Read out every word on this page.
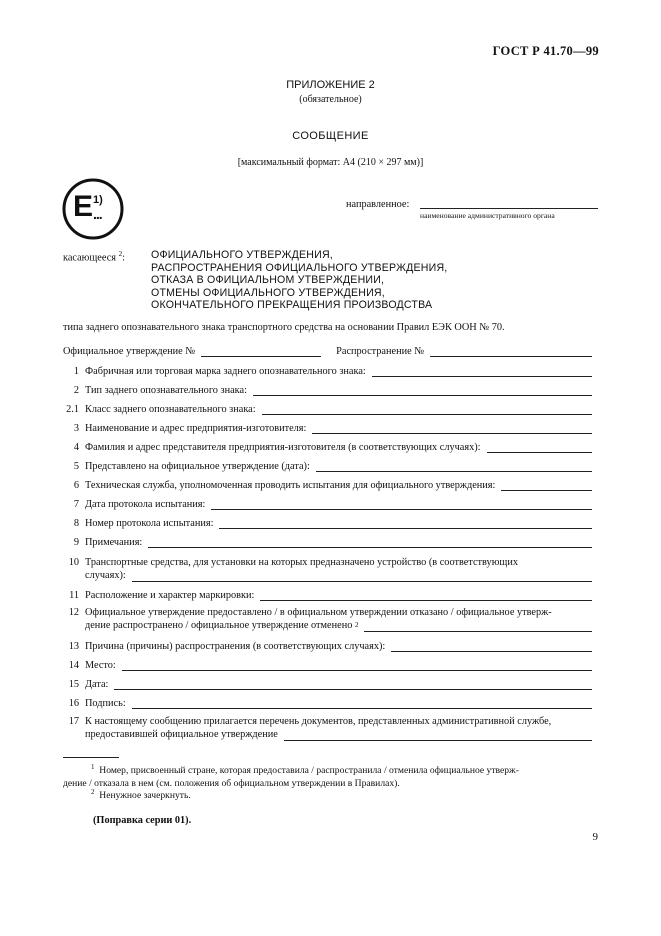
ГОСТ Р 41.70—99
ПРИЛОЖЕНИЕ 2
(обязательное)
СООБЩЕНИЕ
[максимальный формат: А4 (210 × 297 мм)]
E 1)
...
направленное:
наименование административного органа
касающееся $^2$: ОФИЦИАЛЬНОГО УТВЕРЖДЕНИЯ,
РАСПРОСТРАНЕНИЯ ОФИЦИАЛЬНОГО УТВЕРЖДЕНИЯ,
ОТКАЗА В ОФИЦИАЛЬНОМ УТВЕРЖДЕНИИ,
ОТМЕНЫ ОФИЦИАЛЬНОГО УТВЕРЖДЕНИЯ,
ОКОНЧАТЕЛЬНОГО ПРЕКРАЩЕНИЯ ПРОИЗВОДСТВА
типа заднего опознавательного знака транспортного средства на основании Правил ЕЭК ООН № 70.
Официальное утверждение №	Распространение №
1 Фабричная или торговая марка заднего опознавательного знака:
2 Тип заднего опознавательного знака:
2.1 Класс заднего опознавательного знака:
3 Наименование и адрес предприятия-изготовителя:
4 Фамилия и адрес представителя предприятия-изготовителя (в соответствующих случаях):
5 Представлено на официальное утверждение (дата):
6 Техническая служба, уполномоченная проводить испытания для официального утверждения:
7 Дата протокола испытания:
8 Номер протокола испытания:
9 Примечания:
10 Транспортные средства, для установки на которых предназначено устройство (в соответствующих
случаях):
11 Расположение и характер маркировки:
12 Официальное утверждение предоставлено / в официальном утверждении отказано / официальное утверж-
дение распространено / официальное утверждение отменено
2
13 Причина (причины) распространения (в соответствующих случаях):
14 Место:
15 Дата:
16 Подпись:
17 К настоящему сообщению прилагается перечень документов, представленных административной службе,
предоставившей официальное утверждение
$^1$ Номер, присвоенный стране, которая предоставила / распространила / отменила официальное утверж-
дение / отказала в нем (см. положения об официальном утверждении в Правилах).
$^2$ Ненужное зачеркнуть.
(Поправка серии 01).
9
